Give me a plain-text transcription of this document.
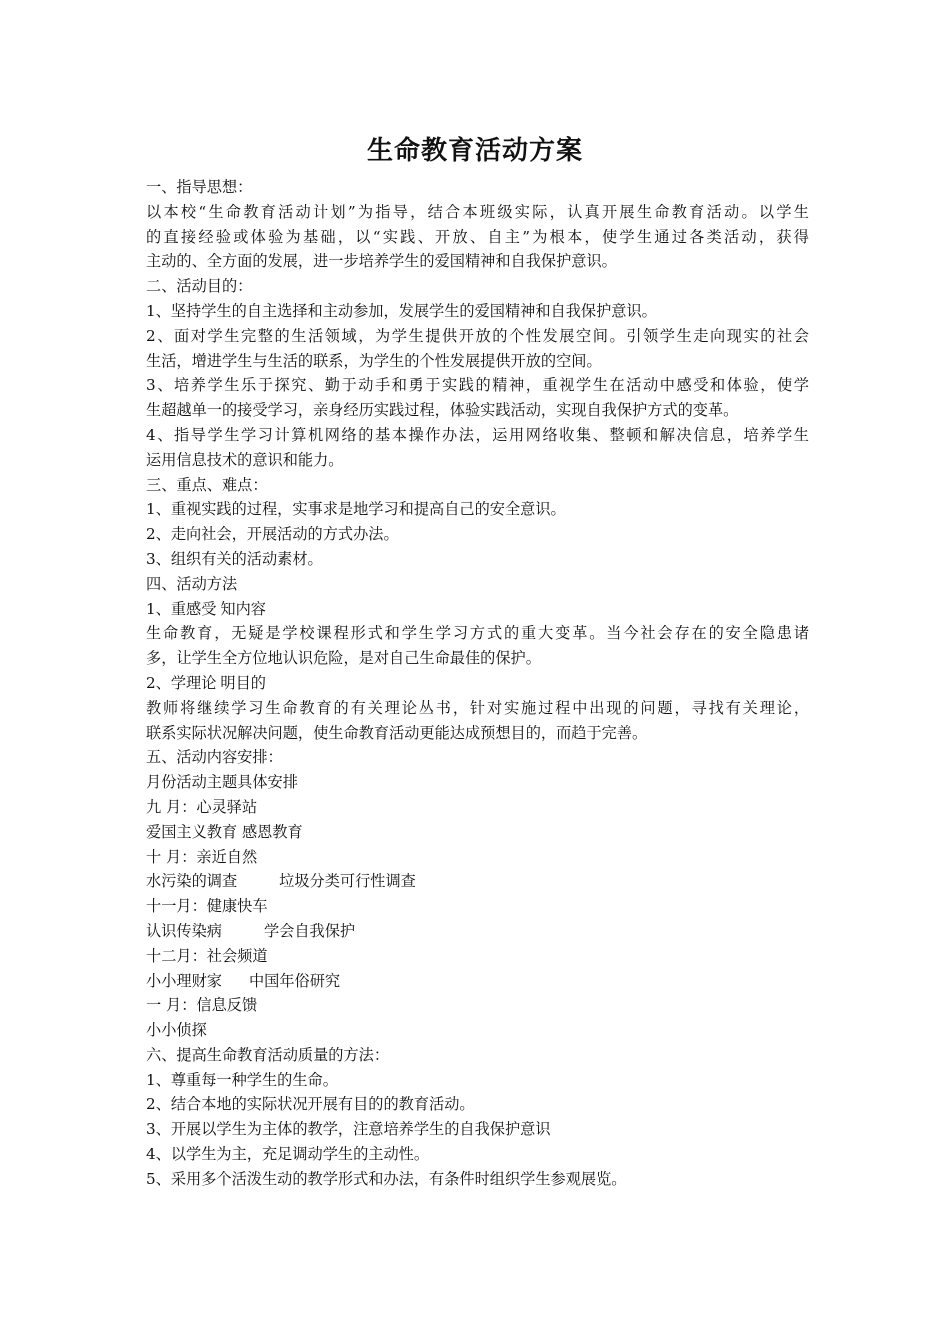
生命教育活动方案
一、指导思想：
以本校“生命教育活动计划”为指导，结合本班级实际，认真开展生命教育活动。以学生
的直接经验或体验为基础，以“实践、开放、自主”为根本，使学生通过各类活动，获得
主动的、全方面的发展，进一步培养学生的爱国精神和自我保护意识。
二、活动目的：
1、坚持学生的自主选择和主动参加，发展学生的爱国精神和自我保护意识。
2、面对学生完整的生活领域，为学生提供开放的个性发展空间。引领学生走向现实的社会
生活，增进学生与生活的联系，为学生的个性发展提供开放的空间。
3、培养学生乐于探究、勤于动手和勇于实践的精神，重视学生在活动中感受和体验，使学
生超越单一的接受学习，亲身经历实践过程，体验实践活动，实现自我保护方式的变革。
4、指导学生学习计算机网络的基本操作办法，运用网络收集、整顿和解决信息，培养学生
运用信息技术的意识和能力。
三、重点、难点：
1、重视实践的过程，实事求是地学习和提高自己的安全意识。
2、走向社会，开展活动的方式办法。
3、组织有关的活动素材。
四、活动方法
1、重感受 知内容
生命教育，无疑是学校课程形式和学生学习方式的重大变革。当今社会存在的安全隐患诸
多，让学生全方位地认识危险，是对自己生命最佳的保护。
2、学理论 明目的
教师将继续学习生命教育的有关理论丛书，针对实施过程中出现的问题，寻找有关理论，
联系实际状况解决问题，使生命教育活动更能达成预想目的，而趋于完善。
五、活动内容安排：
月份活动主题具体安排
九 月：心灵驿站
爱国主义教育 感恩教育
十 月：亲近自然
水污染的调查	垃圾分类可行性调查
十一月：健康快车
认识传染病	学会自我保护
十二月：社会频道
小小理财家 中国年俗研究
一 月：信息反馈
小小侦探
六、提高生命教育活动质量的方法：
1、尊重每一种学生的生命。
2、结合本地的实际状况开展有目的的教育活动。
3、开展以学生为主体的教学，注意培养学生的自我保护意识
4、以学生为主，充足调动学生的主动性。
5、采用多个活泼生动的教学形式和办法，有条件时组织学生参观展览。
